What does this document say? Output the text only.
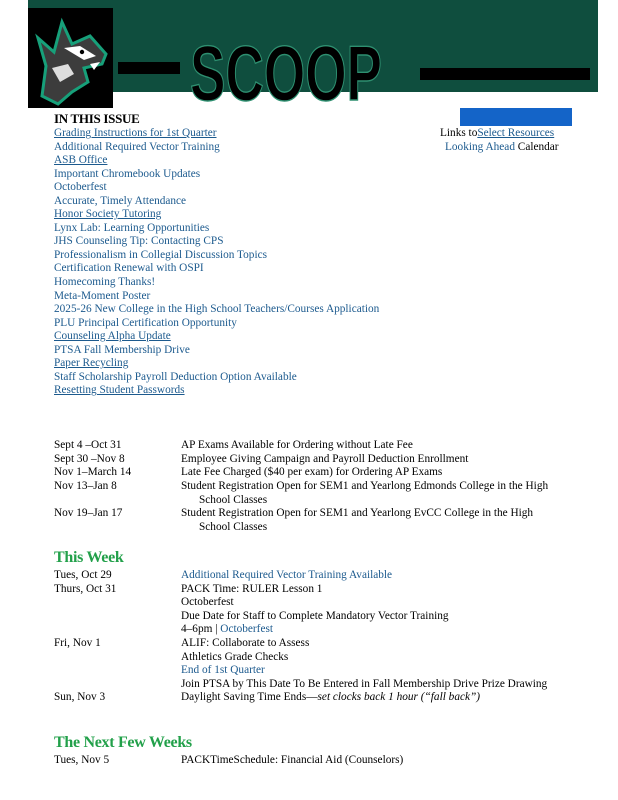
SCOOP
IN THIS ISSUE
Grading Instructions for 1st Quarter
Additional Required Vector Training
ASB Office
Important Chromebook Updates
Octoberfest
Accurate, Timely Attendance
Honor Society Tutoring
Lynx Lab: Learning Opportunities
JHS Counseling Tip: Contacting CPS
Professionalism in Collegial Discussion Topics
Certification Renewal with OSPI
Homecoming Thanks!
Meta-Moment Poster
2025-26 New College in the High School Teachers/Courses Application
PLU Principal Certification Opportunity
Counseling Alpha Update
PTSA Fall Membership Drive
Paper Recycling
Staff Scholarship Payroll Deduction Option Available
Resetting Student Passwords
Links toSelect Resources
Looking Ahead Calendar
Sept 4 –Oct 31	AP Exams Available for Ordering without Late Fee
Sept 30 –Nov 8	Employee Giving Campaign and Payroll Deduction Enrollment
Nov 1–March 14	Late Fee Charged ($40 per exam) for Ordering AP Exams
Nov 13–Jan 8	Student Registration Open for SEM1 and Yearlong Edmonds College in the High
School Classes
Nov 19–Jan 17	Student Registration Open for SEM1 and Yearlong EvCC College in the High
School Classes
This Week
Tues, Oct 29	Additional Required Vector Training Available
Thurs, Oct 31	PACK Time: RULER Lesson 1
Octoberfest
Due Date for Staff to Complete Mandatory Vector Training
4–6pm | Octoberfest
Fri, Nov 1	ALIF: Collaborate to Assess
Athletics Grade Checks
End of 1st Quarter
Join PTSA by This Date To Be Entered in Fall Membership Drive Prize Drawing
Sun, Nov 3	Daylight Saving Time Ends—set clocks back 1 hour (“fall back”)
The Next Few Weeks
Tues, Nov 5	PACKTimeSchedule: Financial Aid (Counselors)
